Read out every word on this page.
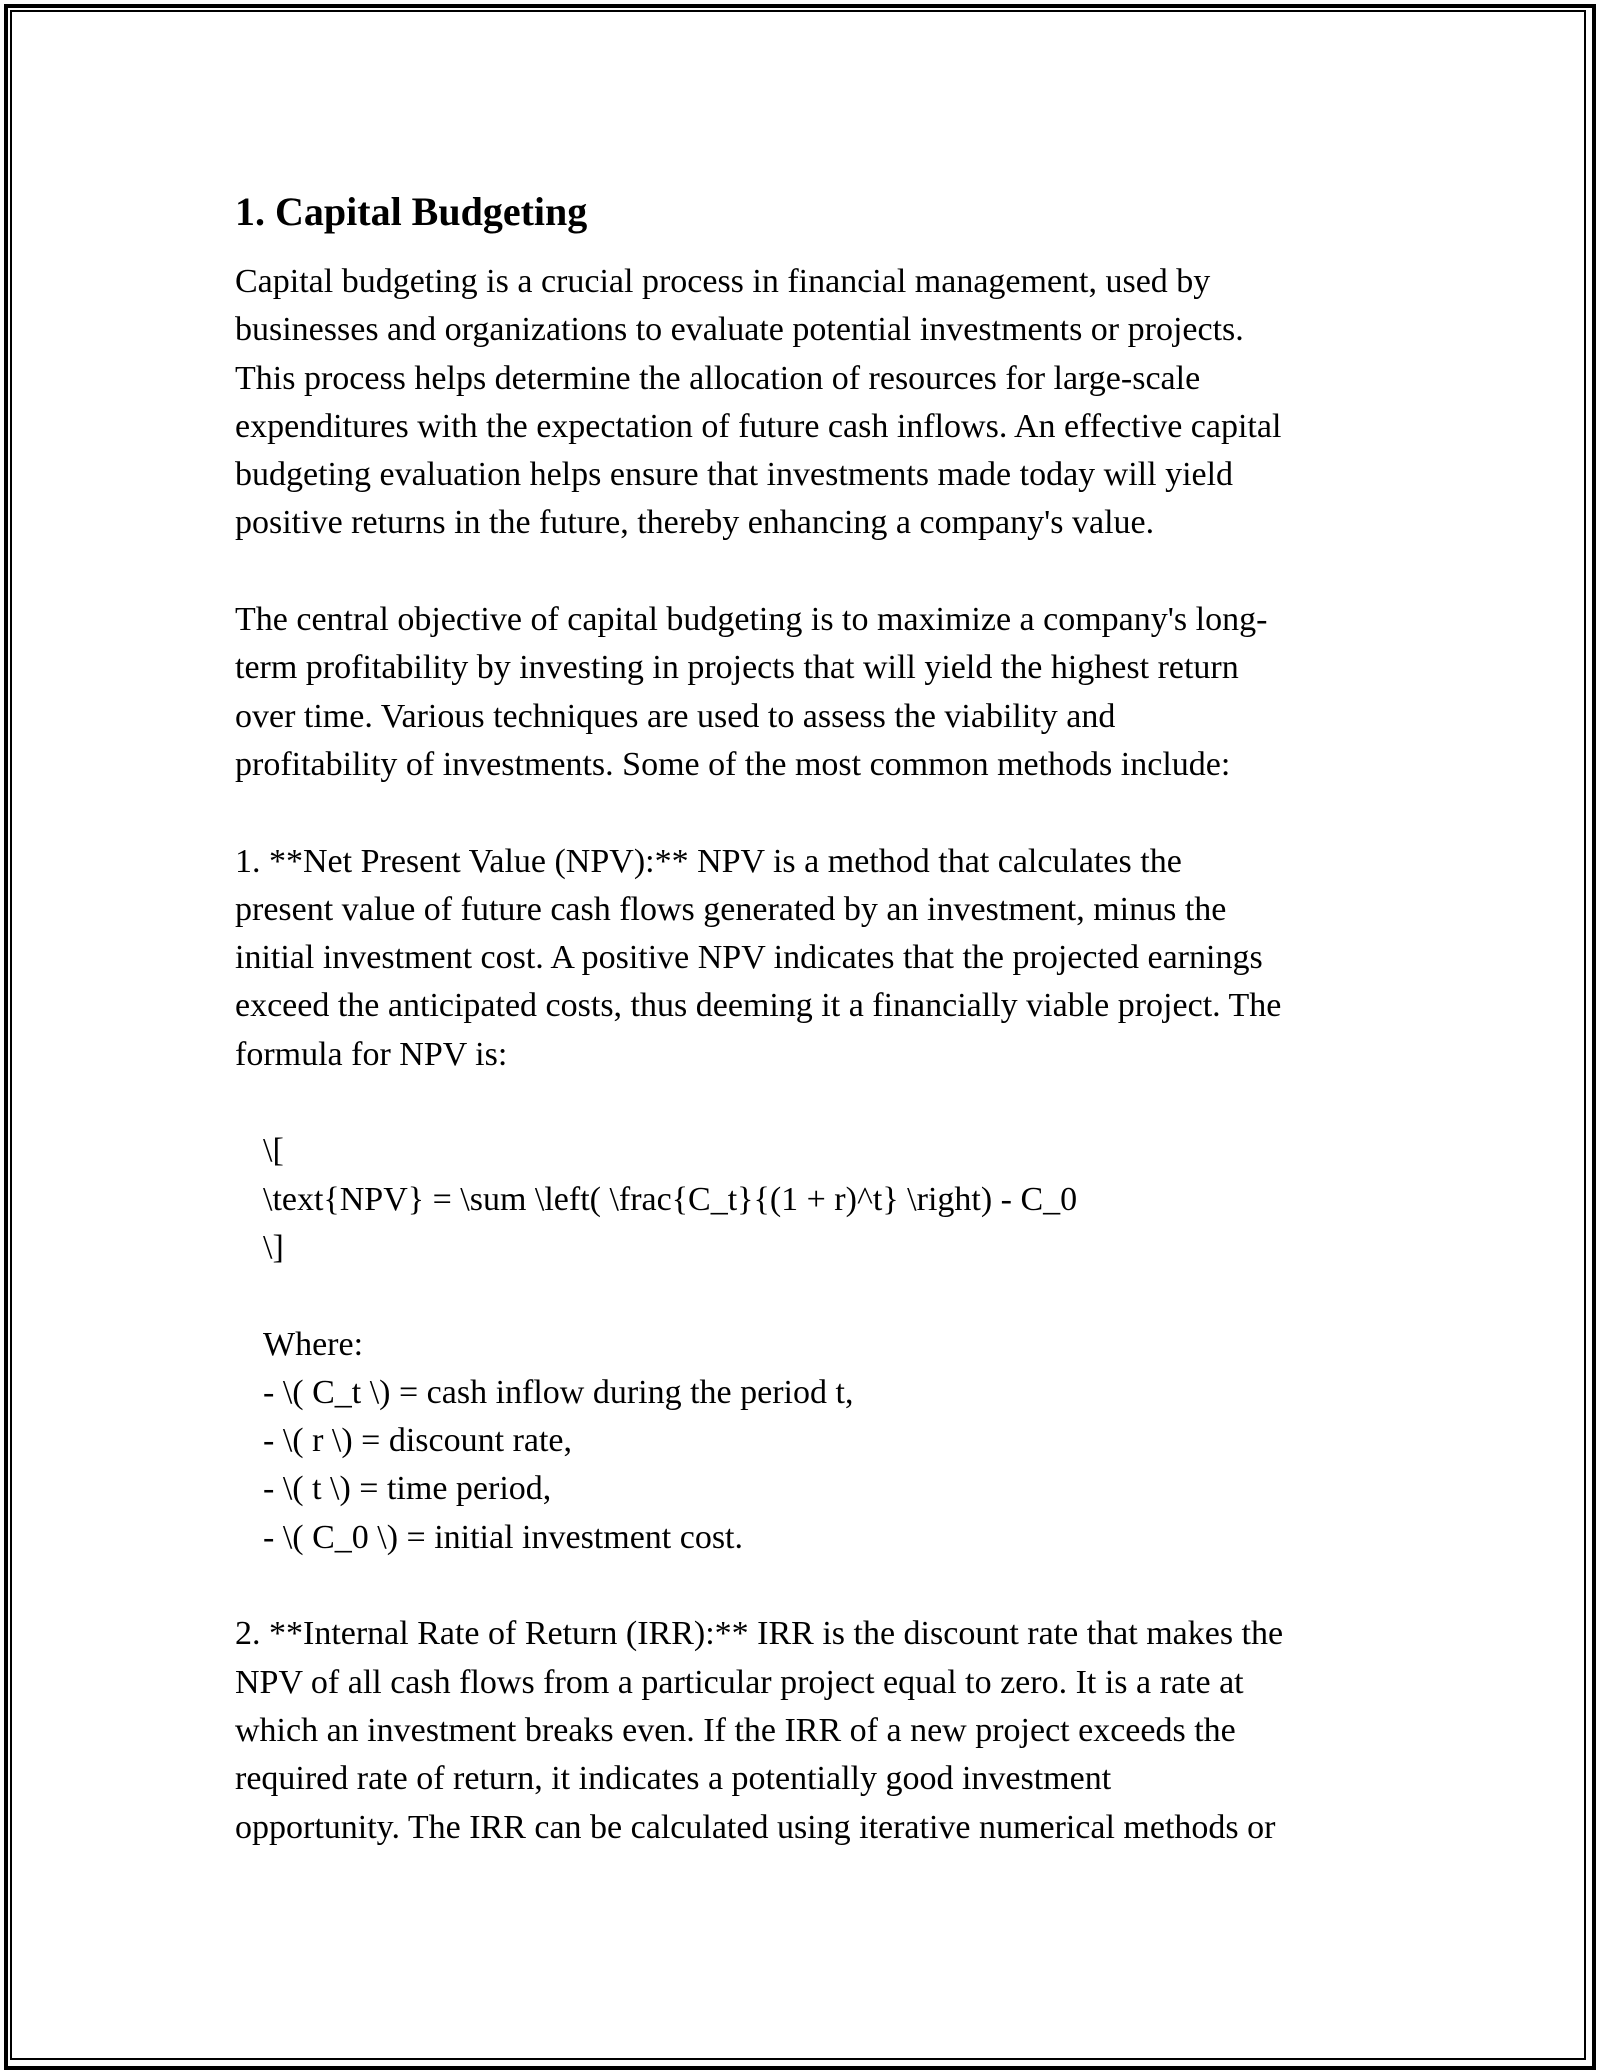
1. Capital Budgeting

Capital budgeting is a crucial process in financial management, used by
businesses and organizations to evaluate potential investments or projects.
This process helps determine the allocation of resources for large-scale
expenditures with the expectation of future cash inflows. An effective capital
budgeting evaluation helps ensure that investments made today will yield
positive returns in the future, thereby enhancing a company's value.

The central objective of capital budgeting is to maximize a company's long-
term profitability by investing in projects that will yield the highest return
over time. Various techniques are used to assess the viability and
profitability of investments. Some of the most common methods include:

1. **Net Present Value (NPV):** NPV is a method that calculates the
present value of future cash flows generated by an investment, minus the
initial investment cost. A positive NPV indicates that the projected earnings
exceed the anticipated costs, thus deeming it a financially viable project. The
formula for NPV is:

\[
\text{NPV} = \sum \left( \frac{C_t}{(1 + r)^t} \right) - C_0
\]

Where:
- \( C_t \) = cash inflow during the period t,
- \( r \) = discount rate,
- \( t \) = time period,
- \( C_0 \) = initial investment cost.

2. **Internal Rate of Return (IRR):** IRR is the discount rate that makes the
NPV of all cash flows from a particular project equal to zero. It is a rate at
which an investment breaks even. If the IRR of a new project exceeds the
required rate of return, it indicates a potentially good investment
opportunity. The IRR can be calculated using iterative numerical methods or
